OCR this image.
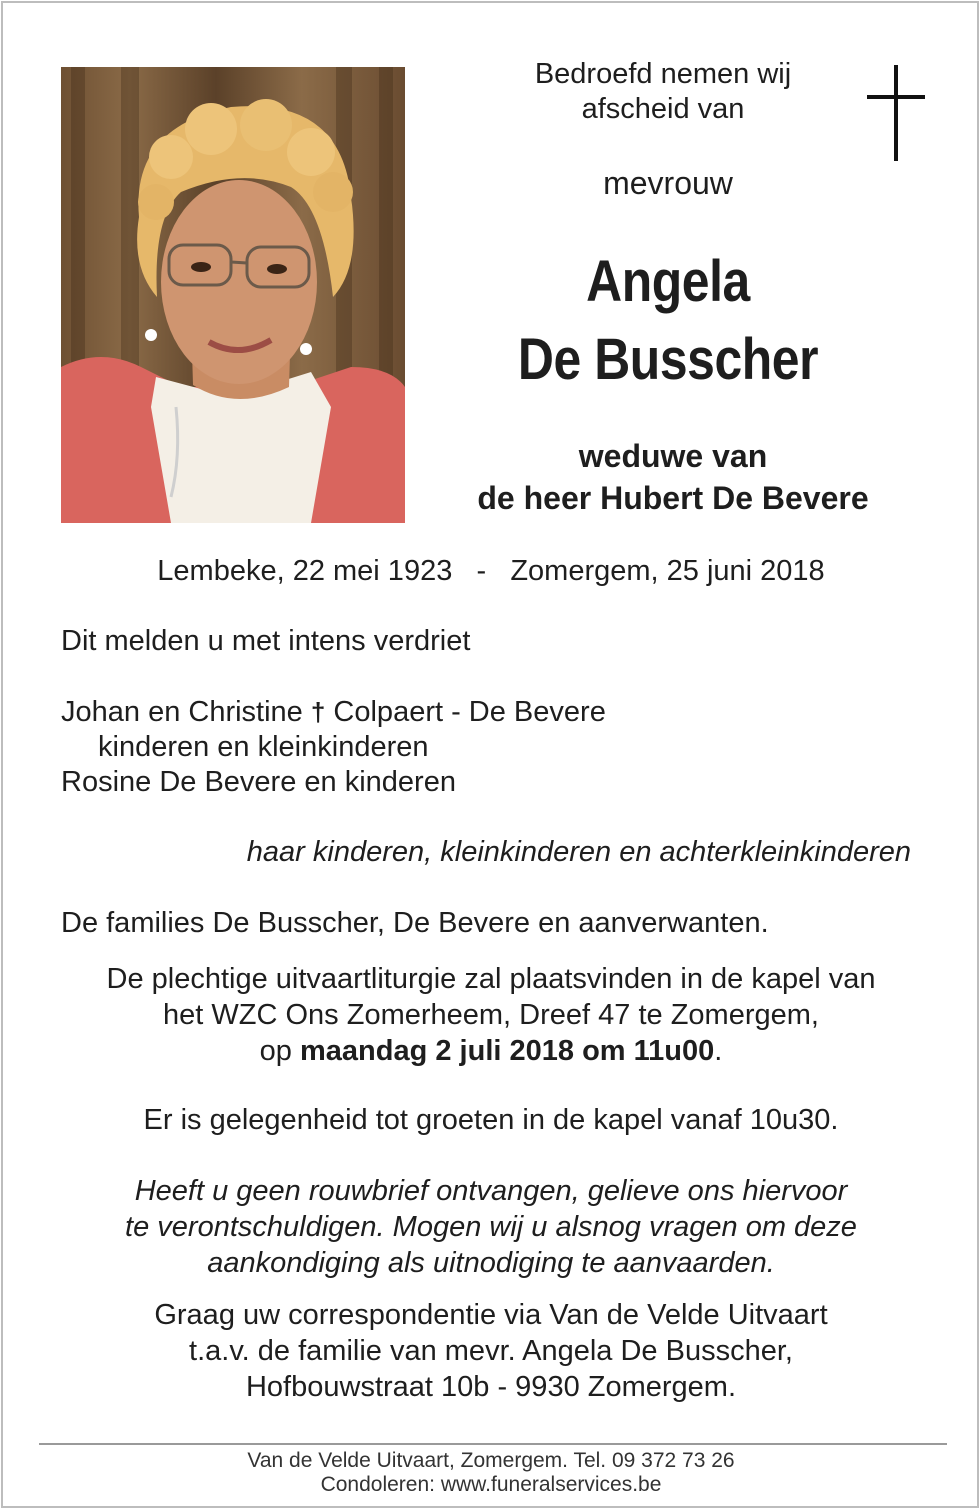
Bedroefd nemen wij
afscheid van
mevrouw
Angela
De Busscher
weduwe van
de heer Hubert De Bevere
Lembeke, 22 mei 1923 - Zomergem, 25 juni 2018
Dit melden u met intens verdriet
Johan en Christine † Colpaert - De Bevere
kinderen en kleinkinderen
Rosine De Bevere en kinderen
haar kinderen, kleinkinderen en achterkleinkinderen
De families De Busscher, De Bevere en aanverwanten.
De plechtige uitvaartliturgie zal plaatsvinden in de kapel van
het WZC Ons Zomerheem, Dreef 47 te Zomergem,
op maandag 2 juli 2018 om 11u00.
Er is gelegenheid tot groeten in de kapel vanaf 10u30.
Heeft u geen rouwbrief ontvangen, gelieve ons hiervoor
te verontschuldigen. Mogen wij u alsnog vragen om deze
aankondiging als uitnodiging te aanvaarden.
Graag uw correspondentie via Van de Velde Uitvaart
t.a.v. de familie van mevr. Angela De Busscher,
Hofbouwstraat 10b - 9930 Zomergem.
Van de Velde Uitvaart, Zomergem. Tel. 09 372 73 26
Condoleren: www.funeralservices.be
